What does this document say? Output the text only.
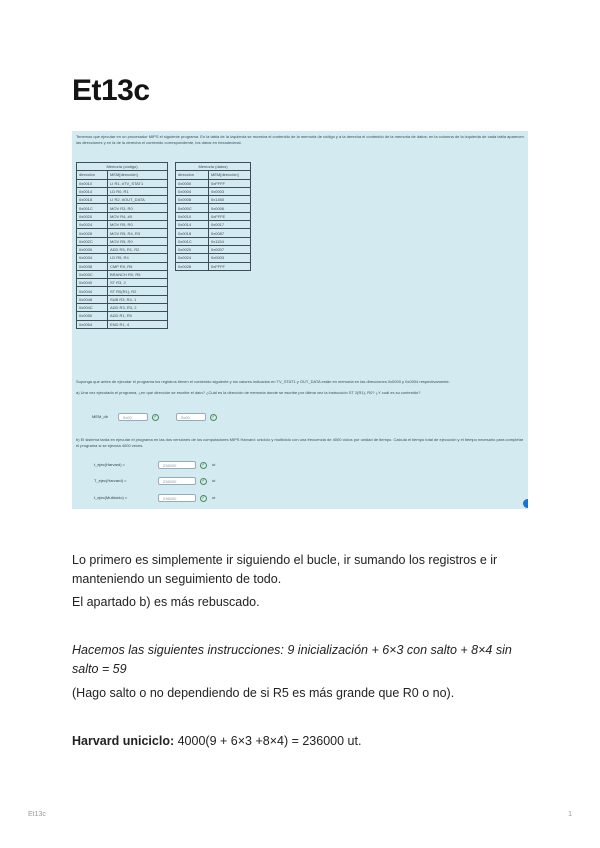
Et13c
Tenemos que ejecutar en un procesador MIPS el siguiente programa. En la tabla de la izquierda se muestra el contenido de la memoria de código y a la derecha el contenido de la memoria de datos; en la columna de la izquierda de cada tabla aparecen las direcciones y en la de la derecha el contenido correspondiente, los datos en hexadecimal.
Memoria (código)	
dirección	MEM[dirección]
0x0010	LI R1, #TV_STAT1
0x0014	LD R0, R1
0x0018	LI R2, #OUT_DATA
0x001C	MOV R3, R0
0x0020	MOV R4, #0
0x0024	MOV R5, R0
0x0028	MOV R5, R4, R3
0x002C	MOV R5, R0
0x0030	ADD R5, R1, R2
0x0034	LD R5, R4
0x0038	CMP R0, R5
0x003C	BRANCH R0, R5
0x0040	ST R3, 2
0x0044	ST R0(R1), R2
0x0048	SUB R3, R4, 1
0x004C	ADD R3, R3, 2
0x0050	ADD R1, R0
0x0054	END R1, 4
Memoria (datos)	
dirección	MEM[dirección]
0x0000	0xFFFF
0x0004	0x0003
0x0008	0x1450
0x000C	0x0006
0x0010	0xFFFE
0x0014	0x0017
0x0018	0x0087
0x001C	0x1154
0x0020	0x0007
0x0024	0x0003
0x0028	0xFFFF
Suponga que antes de ejecutar el programa los registros tienen el contenido siguiente y los valores indicados en TV_STAT1 y OUT_DATA están en memoria en las direcciones 0x0000 y 0x0004 respectivamente.
a) Una vez ejecutado el programa, ¿en qué dirección se escribe el dato? ¿Cuál es la dirección de memoria donde se escribe por última vez la instrucción ST 2(R1), R0? ¿Y cuál es su contenido?
MEM_dir	0x00	✓	0x00	✓
b) El sistema tarda en ejecutar el programa en las dos versiones de los computadores MIPS Harvard: uniciclo y multiciclo con una frecuencia de 4000 ciclos por unidad de tiempo. Calcula el tiempo total de ejecución y el tiempo necesario para completar el programa si se ejecuta 4000 veces.
t_ejec(Harvard) =	236000	✓	ut
T_ejec(Harvard) =	236000	✓	ut
t_ejec(Multiciclo) =	236000	✓	ut
Lo primero es simplemente ir siguiendo el bucle, ir sumando los registros e ir manteniendo un seguimiento de todo.
El apartado b) es más rebuscado.
Hacemos las siguientes instrucciones: 9 inicialización + 6×3 con salto + 8×4 sin salto = 59
(Hago salto o no dependiendo de si R5 es más grande que R0 o no).
Harvard uniciclo: 4000(9 + 6×3 +8×4) = 236000 ut.
Et13c	1
